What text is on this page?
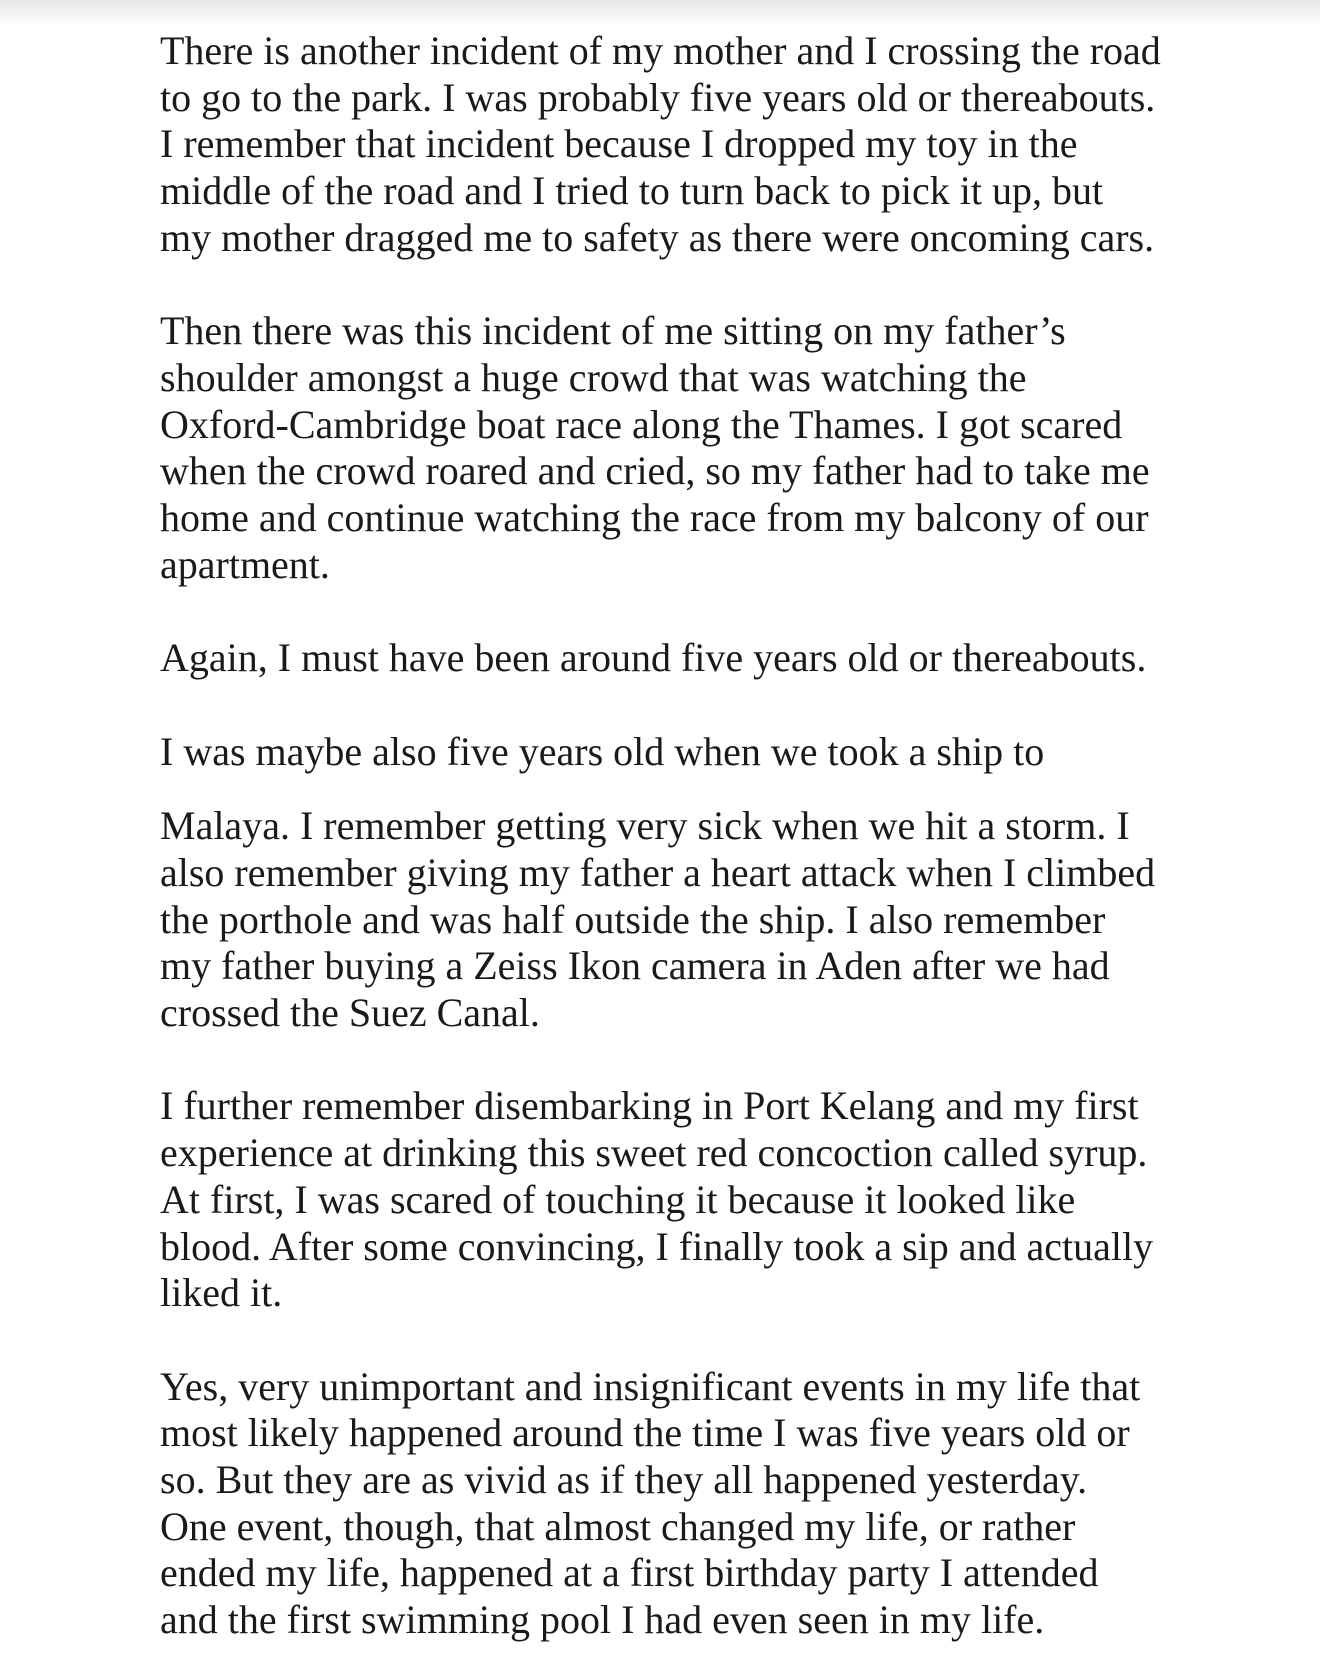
There is another incident of my mother and I crossing the road
to go to the park. I was probably five years old or thereabouts.
I remember that incident because I dropped my toy in the
middle of the road and I tried to turn back to pick it up, but
my mother dragged me to safety as there were oncoming cars.

Then there was this incident of me sitting on my father’s
shoulder amongst a huge crowd that was watching the
Oxford-Cambridge boat race along the Thames. I got scared
when the crowd roared and cried, so my father had to take me
home and continue watching the race from my balcony of our
apartment.

Again, I must have been around five years old or thereabouts.

I was maybe also five years old when we took a ship to

Malaya. I remember getting very sick when we hit a storm. I
also remember giving my father a heart attack when I climbed
the porthole and was half outside the ship. I also remember
my father buying a Zeiss Ikon camera in Aden after we had
crossed the Suez Canal.

I further remember disembarking in Port Kelang and my first
experience at drinking this sweet red concoction called syrup.
At first, I was scared of touching it because it looked like
blood. After some convincing, I finally took a sip and actually
liked it.

Yes, very unimportant and insignificant events in my life that
most likely happened around the time I was five years old or
so. But they are as vivid as if they all happened yesterday.
One event, though, that almost changed my life, or rather
ended my life, happened at a first birthday party I attended
and the first swimming pool I had even seen in my life.
